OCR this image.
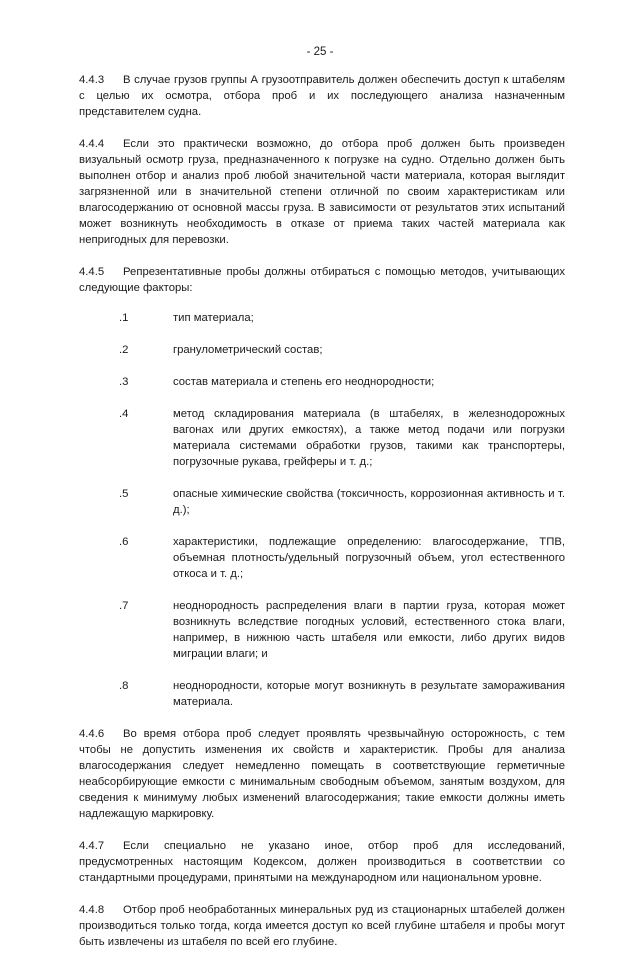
- 25 -

4.4.3 В случае грузов группы А грузоотправитель должен обеспечить доступ к штабелям с целью их осмотра, отбора проб и их последующего анализа назначенным представителем судна.

4.4.4 Если это практически возможно, до отбора проб должен быть произведен визуальный осмотр груза, предназначенного к погрузке на судно. Отдельно должен быть выполнен отбор и анализ проб любой значительной части материала, которая выглядит загрязненной или в значительной степени отличной по своим характеристикам или влагосодержанию от основной массы груза. В зависимости от результатов этих испытаний может возникнуть необходимость в отказе от приема таких частей материала как непригодных для перевозки.

4.4.5 Репрезентативные пробы должны отбираться с помощью методов, учитывающих следующие факторы:

.1	тип материала;
.2	гранулометрический состав;
.3	состав материала и степень его неоднородности;
.4	метод складирования материала (в штабелях, в железнодорожных вагонах или других емкостях), а также метод подачи или погрузки материала системами обработки грузов, такими как транспортеры, погрузочные рукава, грейферы и т. д.;
.5	опасные химические свойства (токсичность, коррозионная активность и т. д.);
.6	характеристики, подлежащие определению: влагосодержание, ТПВ, объемная плотность/удельный погрузочный объем, угол естественного откоса и т. д.;
.7	неоднородность распределения влаги в партии груза, которая может возникнуть вследствие погодных условий, естественного стока влаги, например, в нижнюю часть штабеля или емкости, либо других видов миграции влаги; и
.8	неоднородности, которые могут возникнуть в результате замораживания материала.

4.4.6 Во время отбора проб следует проявлять чрезвычайную осторожность, с тем чтобы не допустить изменения их свойств и характеристик. Пробы для анализа влагосодержания следует немедленно помещать в соответствующие герметичные неабсорбирующие емкости с минимальным свободным объемом, занятым воздухом, для сведения к минимуму любых изменений влагосодержания; такие емкости должны иметь надлежащую маркировку.

4.4.7 Если специально не указано иное, отбор проб для исследований, предусмотренных настоящим Кодексом, должен производиться в соответствии со стандартными процедурами, принятыми на международном или национальном уровне.

4.4.8 Отбор проб необработанных минеральных руд из стационарных штабелей должен производиться только тогда, когда имеется доступ ко всей глубине штабеля и пробы могут быть извлечены из штабеля по всей его глубине.
